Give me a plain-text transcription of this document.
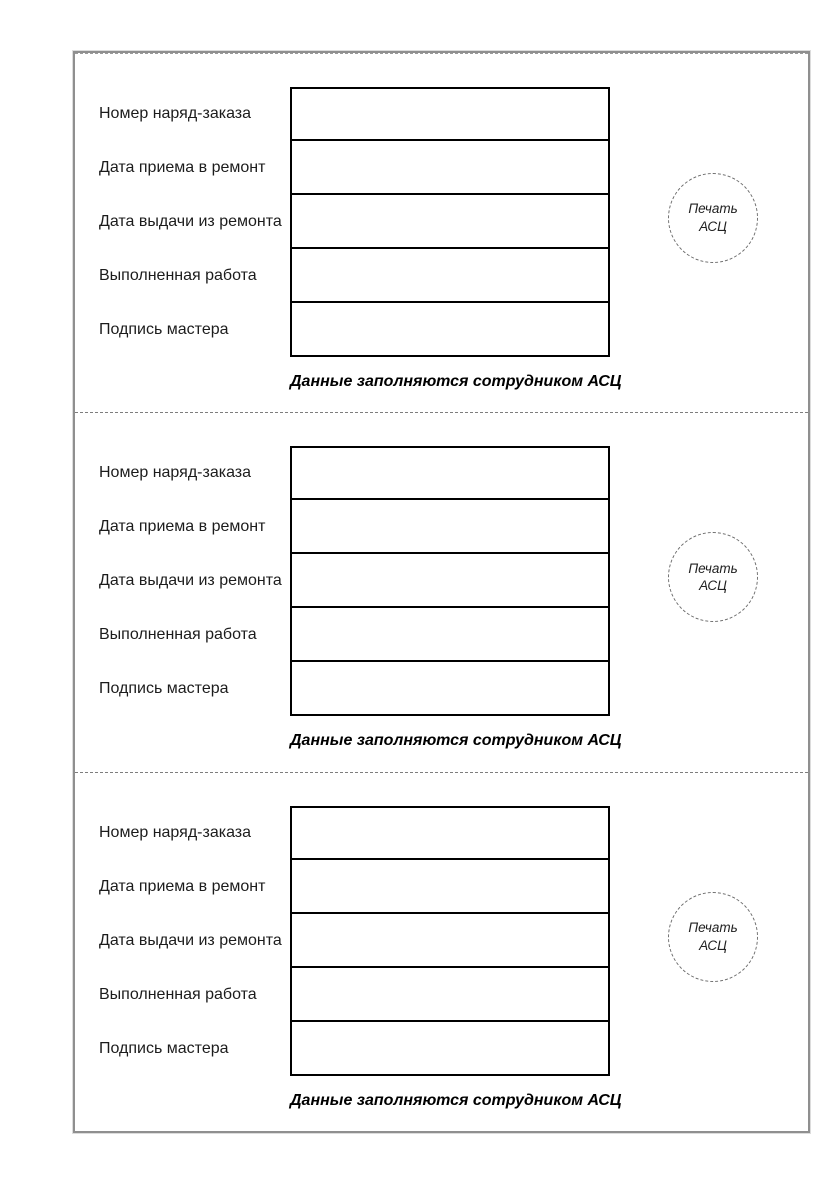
Номер наряд-заказа
Дата приема в ремонт
Дата выдачи из ремонта
Выполненная работа
Подпись мастера
Данные заполняются сотрудником АСЦ
Печать
АСЦ
Номер наряд-заказа
Дата приема в ремонт
Дата выдачи из ремонта
Выполненная работа
Подпись мастера
Данные заполняются сотрудником АСЦ
Печать
АСЦ
Номер наряд-заказа
Дата приема в ремонт
Дата выдачи из ремонта
Выполненная работа
Подпись мастера
Данные заполняются сотрудником АСЦ
Печать
АСЦ
